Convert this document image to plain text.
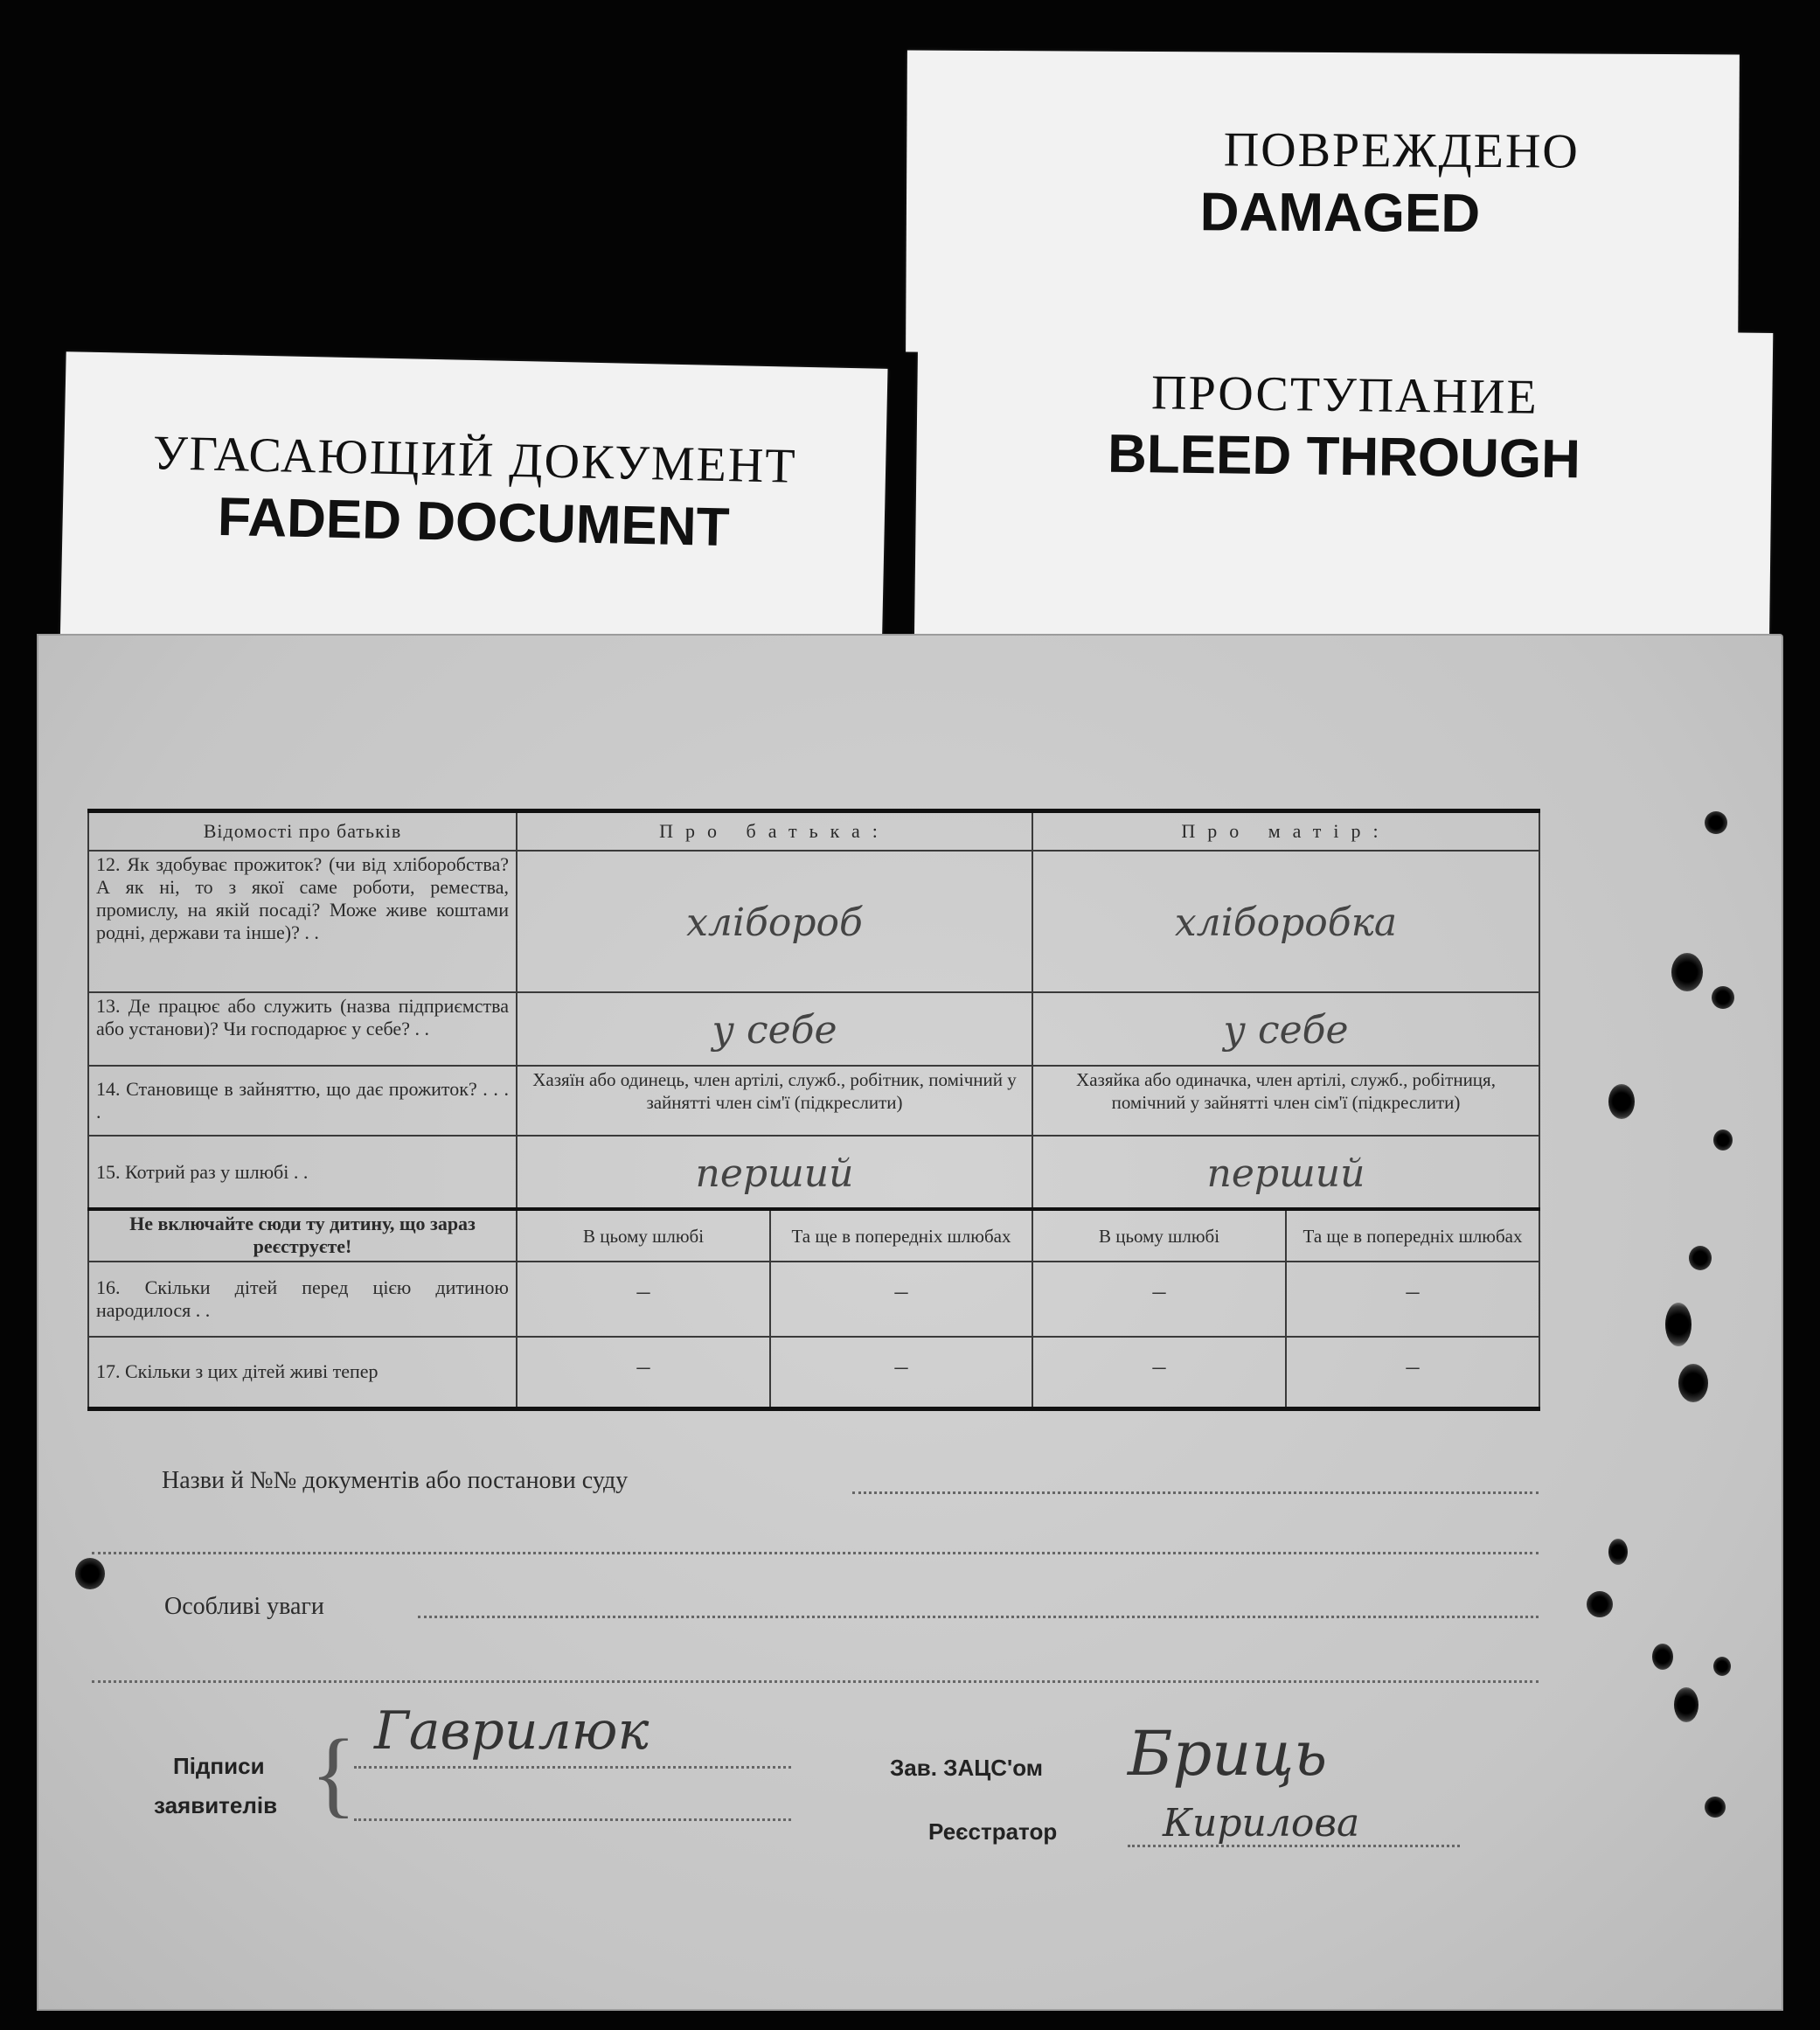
ПОВРЕЖДЕНО
DAMAGED
ПРОСТУПАНИЕ
BLEED THROUGH
УГАСАЮЩИЙ ДОКУМЕНТ
FADED DOCUMENT
Відомості про батьків	Про батька:		Про матір:	
12. Як здобуває прожиток? (чи від хліборобства? А як ні, то з якої саме роботи, ремества, промислу, на якій посаді? Може живе коштами родні, держави та інше)? . .	хлібороб		хліборобка	

13. Де працює або служить (назва підприємства або установи)? Чи господарює у себе? . .	у себе		у себе	

14. Становище в зайняттю, що дає прожиток? . . . .	Хазяїн або одинець, член артілі, служб., робітник, помічний у зайнятті член сім'ї (підкреслити)		Хазяйка або одиначка, член артілі, служб., робітниця, помічний у зайнятті член сім'ї (підкреслити)	
15. Котрий раз у шлюбі . .	перший		перший	

Не включайте сюди ту дитину, що зараз реєструєте!	В цьому шлюбі	Та ще в попередніх шлюбах	В цьому шлюбі	Та ще в попередніх шлюбах
16. Скільки дітей перед цією дитиною народилося . .	–	–	–	–

17. Скільки з цих дітей живі тепер	–	–	–	–
Назви й №№ документів або постанови суду
Особливі уваги
Підписи
заявителів { Гаврилюк
Зав. ЗАЦС'ом Бриць
Реєстратор	Кирилова
